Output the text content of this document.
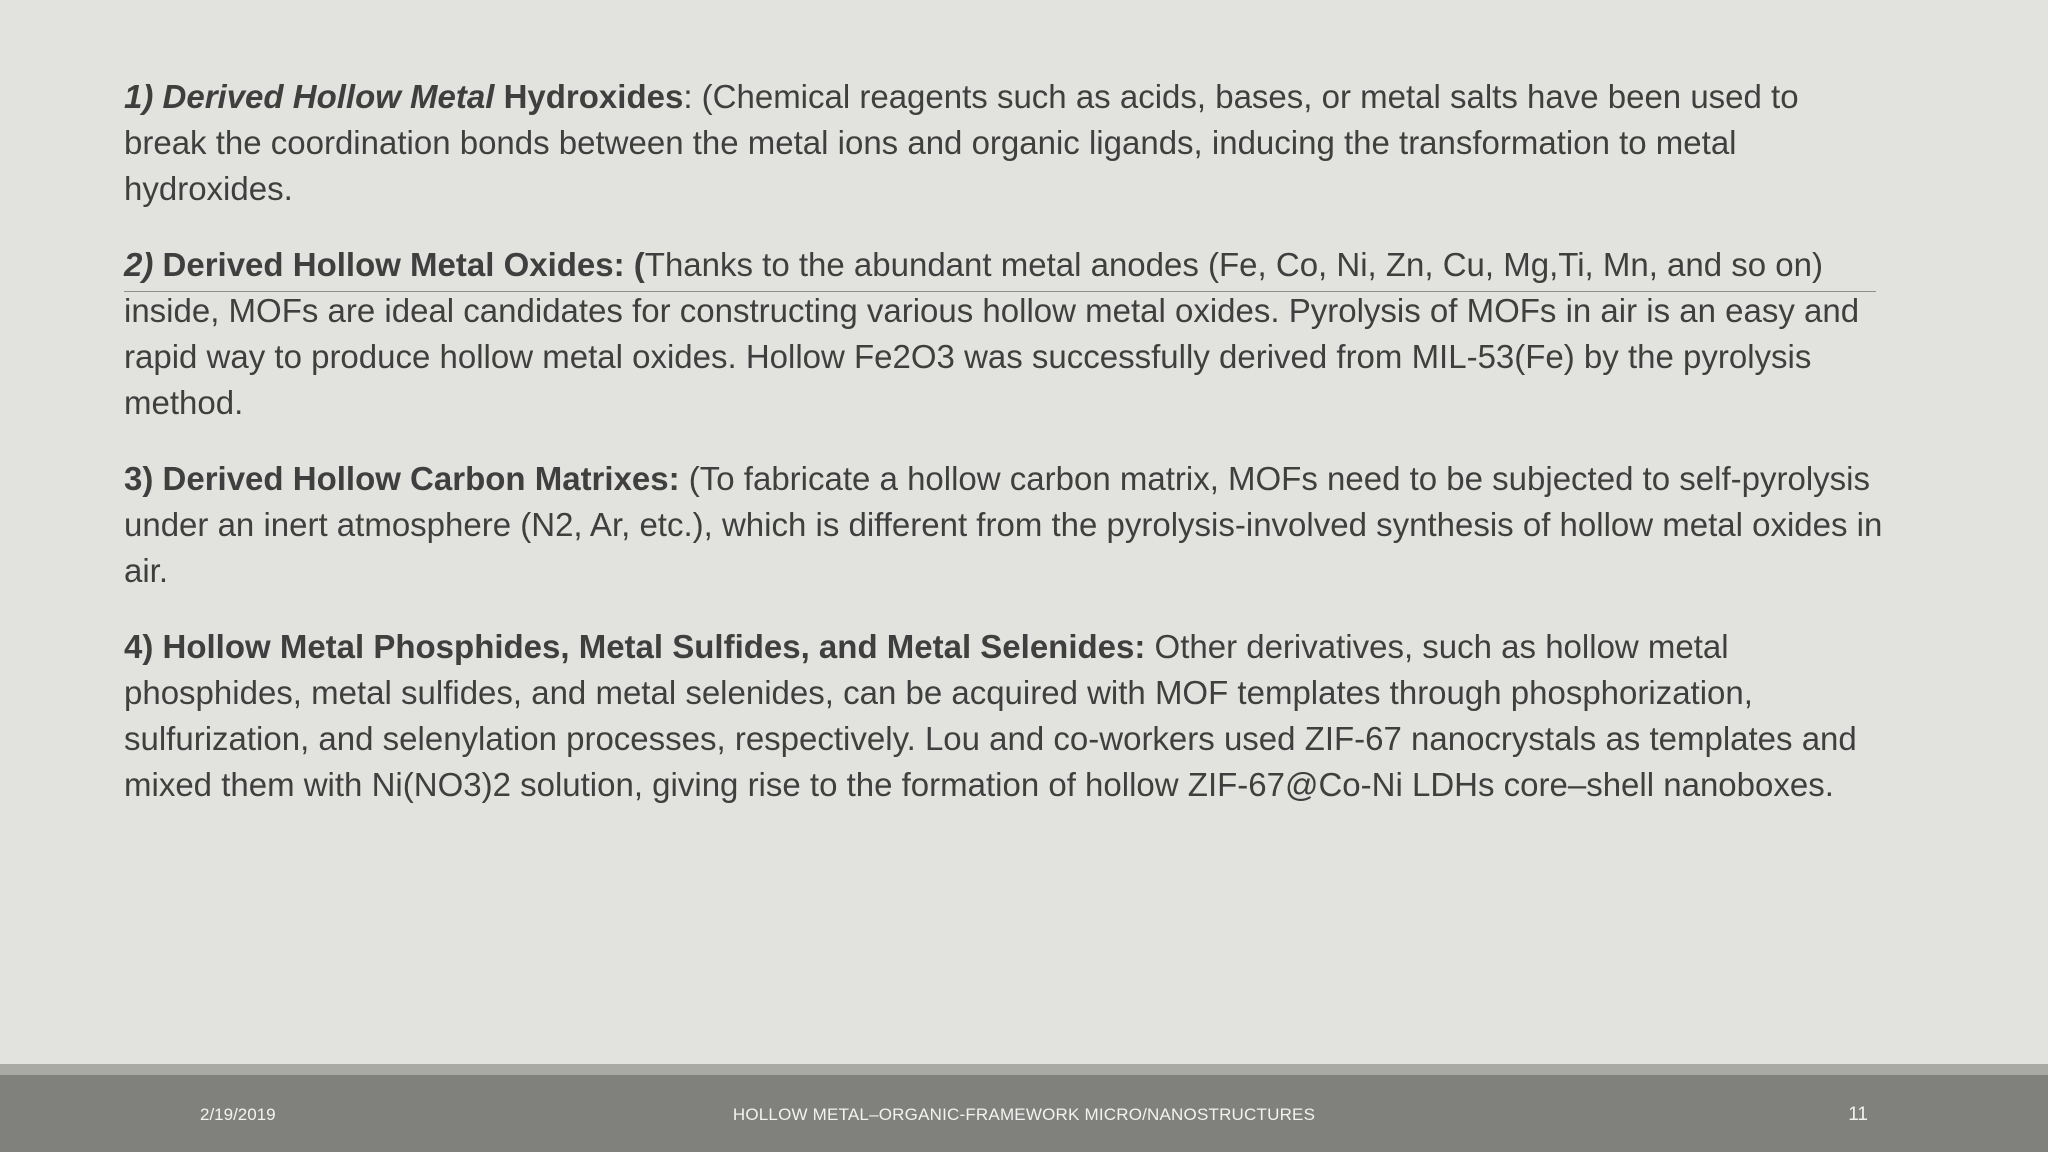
1) Derived Hollow Metal Hydroxides: (Chemical reagents such as acids, bases, or metal salts have been used to break the coordination bonds between the metal ions and organic ligands, inducing the transformation to metal hydroxides.

2) Derived Hollow Metal Oxides: (Thanks to the abundant metal anodes (Fe, Co, Ni, Zn, Cu, Mg,Ti, Mn, and so on) inside, MOFs are ideal candidates for constructing various hollow metal oxides. Pyrolysis of MOFs in air is an easy and rapid way to produce hollow metal oxides. Hollow Fe2O3 was successfully derived from MIL-53(Fe) by the pyrolysis method.

3) Derived Hollow Carbon Matrixes: (To fabricate a hollow carbon matrix, MOFs need to be subjected to self-pyrolysis under an inert atmosphere (N2, Ar, etc.), which is different from the pyrolysis-involved synthesis of hollow metal oxides in air.

4) Hollow Metal Phosphides, Metal Sulfides, and Metal Selenides: Other derivatives, such as hollow metal phosphides, metal sulfides, and metal selenides, can be acquired with MOF templates through phosphorization, sulfurization, and selenylation processes, respectively. Lou and co-workers used ZIF-67 nanocrystals as templates and mixed them with Ni(NO3)2 solution, giving rise to the formation of hollow ZIF-67@Co-Ni LDHs core–shell nanoboxes.

2/19/2019	HOLLOW METAL–ORGANIC-FRAMEWORK MICRO/NANOSTRUCTURES	11
